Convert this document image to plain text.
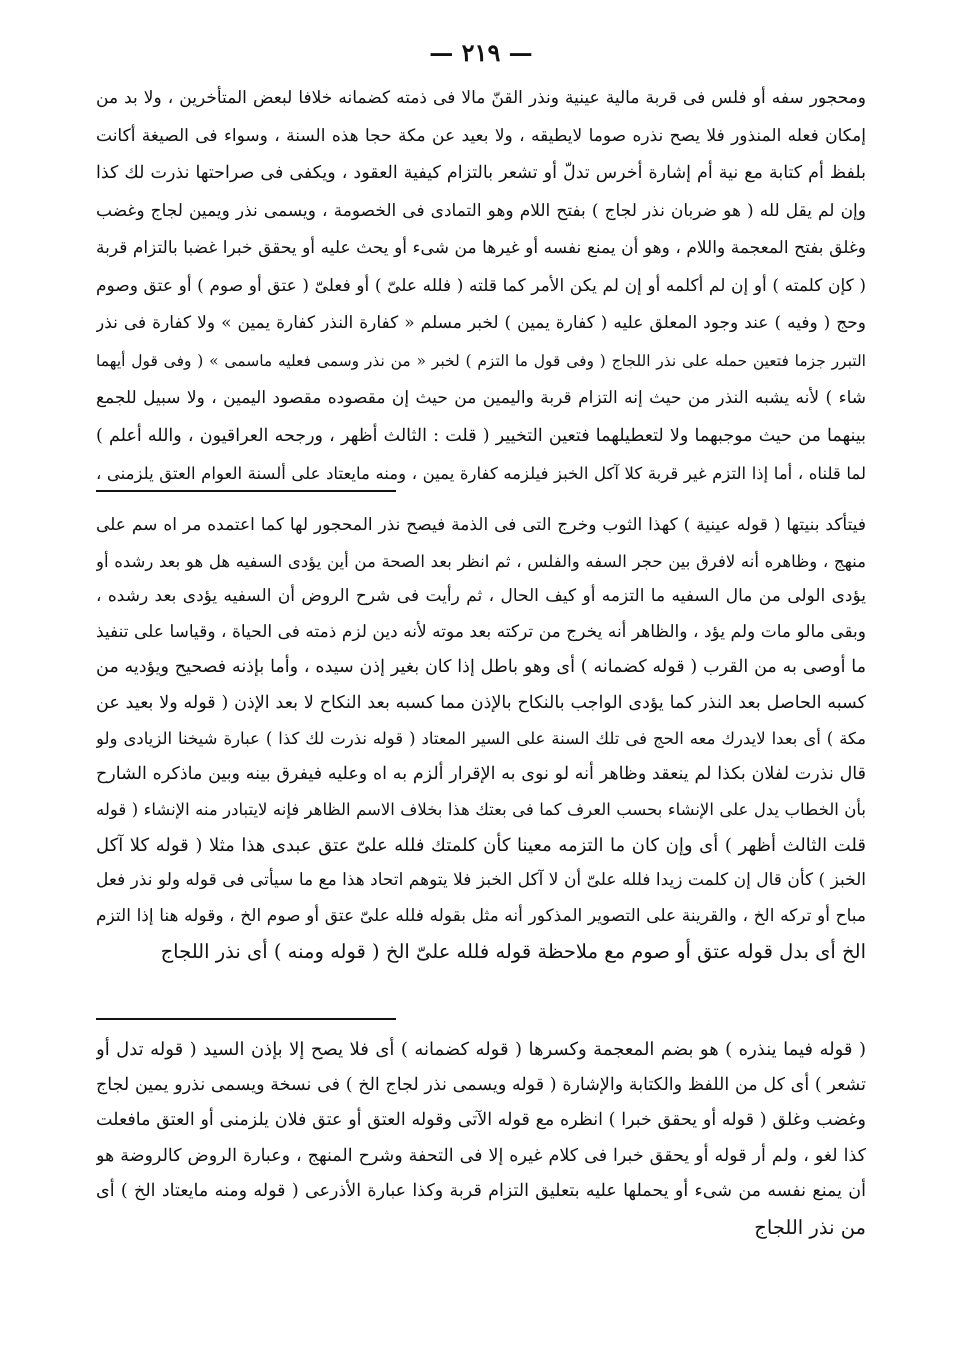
— ٢١٩ —
ومحجور سفه أو فلس فى قربة مالية عينية ونذر القنّ مالا فى ذمته كضمانه خلافا لبعض المتأخرين ، ولا بد من
إمكان فعله المنذور فلا يصح نذره صوما لايطيقه ، ولا بعيد عن مكة حجا هذه السنة ، وسواء فى الصيغة أكانت
بلفظ أم كتابة مع نية أم إشارة أخرس تدلّ أو تشعر بالتزام كيفية العقود ، ويكفى فى صراحتها نذرت لك كذا
وإن لم يقل لله ( هو ضربان نذر لجاج ) بفتح اللام وهو التمادى فى الخصومة ، ويسمى نذر ويمين لجاج وغضب
وغلق بفتح المعجمة واللام ، وهو أن يمنع نفسه أو غيرها من شىء أو يحث عليه أو يحقق خبرا غضبا بالتزام قربة
( كإن كلمته ) أو إن لم أكلمه أو إن لم يكن الأمر كما قلته ( فلله علىّ ) أو فعلىّ ( عتق أو صوم ) أو عتق وصوم
وحج ( وفيه ) عند وجود المعلق عليه ( كفارة يمين ) لخبر مسلم « كفارة النذر كفارة يمين » ولا كفارة فى نذر
التبرر جزما فتعين حمله على نذر اللجاج ( وفى قول ما التزم ) لخبر « من نذر وسمى فعليه ماسمى » ( وفى قول أيهما
شاء ) لأنه يشبه النذر من حيث إنه التزام قربة واليمين من حيث إن مقصوده مقصود اليمين ، ولا سبيل للجمع
بينهما من حيث موجبهما ولا لتعطيلهما فتعين التخيير ( قلت : الثالث أظهر ، ورجحه العراقيون ، والله أعلم )
لما قلناه ، أما إذا التزم غير قربة كلا آكل الخبز فيلزمه كفارة يمين ، ومنه مايعتاد على ألسنة العوام العتق يلزمنى ،
فيتأكد بنيتها ( قوله عينية ) كهذا الثوب وخرج التى فى الذمة فيصح نذر المحجور لها كما اعتمده مر اه سم على
منهج ، وظاهره أنه لافرق بين حجر السفه والفلس ، ثم انظر بعد الصحة من أين يؤدى السفيه هل هو بعد رشده أو
يؤدى الولى من مال السفيه ما التزمه أو كيف الحال ، ثم رأيت فى شرح الروض أن السفيه يؤدى بعد رشده ،
وبقى مالو مات ولم يؤد ، والظاهر أنه يخرج من تركته بعد موته لأنه دين لزم ذمته فى الحياة ، وقياسا على تنفيذ
ما أوصى به من القرب ( قوله كضمانه ) أى وهو باطل إذا كان بغير إذن سيده ، وأما بإذنه فصحيح ويؤديه من
كسبه الحاصل بعد النذر كما يؤدى الواجب بالنكاح بالإذن مما كسبه بعد النكاح لا بعد الإذن ( قوله ولا بعيد عن
مكة ) أى بعدا لايدرك معه الحج فى تلك السنة على السير المعتاد ( قوله نذرت لك كذا ) عبارة شيخنا الزيادى ولو
قال نذرت لفلان بكذا لم ينعقد وظاهر أنه لو نوى به الإقرار ألزم به اه وعليه فيفرق بينه وبين ماذكره الشارح
بأن الخطاب يدل على الإنشاء بحسب العرف كما فى بعتك هذا بخلاف الاسم الظاهر فإنه لايتبادر منه الإنشاء ( قوله
قلت الثالث أظهر ) أى وإن كان ما التزمه معينا كأن كلمتك فلله علىّ عتق عبدى هذا مثلا ( قوله كلا آكل
الخبز ) كأن قال إن كلمت زيدا فلله علىّ أن لا آكل الخبز فلا يتوهم اتحاد هذا مع ما سيأتى فى قوله ولو نذر فعل
مباح أو تركه الخ ، والقرينة على التصوير المذكور أنه مثل بقوله فلله علىّ عتق أو صوم الخ ، وقوله هنا إذا التزم
الخ أى بدل قوله عتق أو صوم مع ملاحظة قوله فلله علىّ الخ ( قوله ومنه ) أى نذر اللجاج
( قوله فيما ينذره ) هو بضم المعجمة وكسرها ( قوله كضمانه ) أى فلا يصح إلا بإذن السيد ( قوله تدل أو
تشعر ) أى كل من اللفظ والكتابة والإشارة ( قوله ويسمى نذر لجاج الخ ) فى نسخة ويسمى نذرو يمين لجاج
وغضب وغلق ( قوله أو يحقق خبرا ) انظره مع قوله الآتى وقوله العتق أو عتق فلان يلزمنى أو العتق مافعلت
كذا لغو ، ولم أر قوله أو يحقق خبرا فى كلام غيره إلا فى التحفة وشرح المنهج ، وعبارة الروض كالروضة هو
أن يمنع نفسه من شىء أو يحملها عليه بتعليق التزام قربة وكذا عبارة الأذرعى ( قوله ومنه مايعتاد الخ ) أى
من نذر اللجاج
